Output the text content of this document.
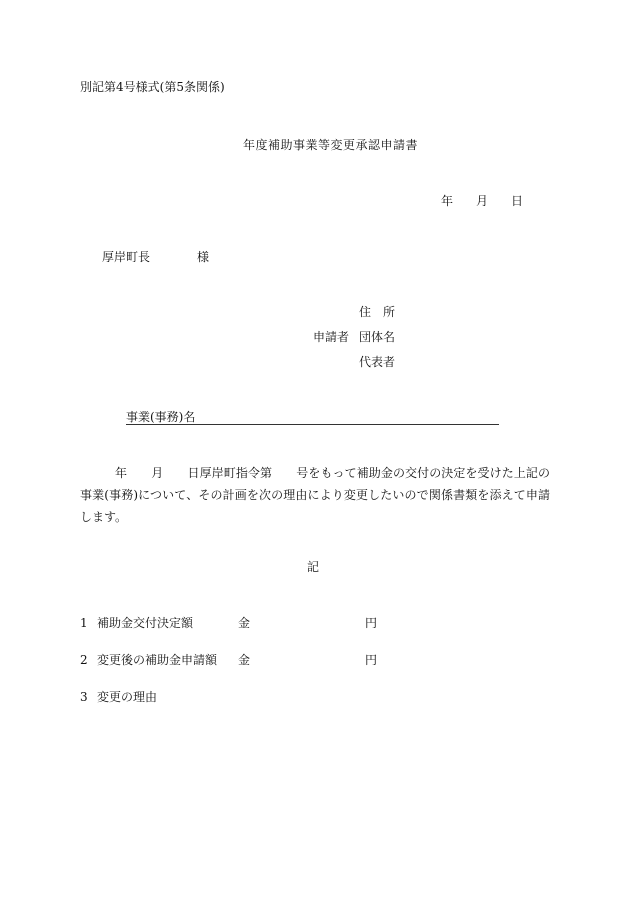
別記第4号様式(第5条関係)
年度補助事業等変更承認申請書
年 月 日
厚岸町長	様
住　所
申請者 団体名
代表者
事業(事務)名
年　　月　　日厚岸町指令第　　号をもって補助金の交付の決定を受けた上記の事業(事務)について、その計画を次の理由により変更したいので関係書類を添えて申請します。
記
1 補助金交付決定額	金	円
2 変更後の補助金申請額 金	円
3 変更の理由
